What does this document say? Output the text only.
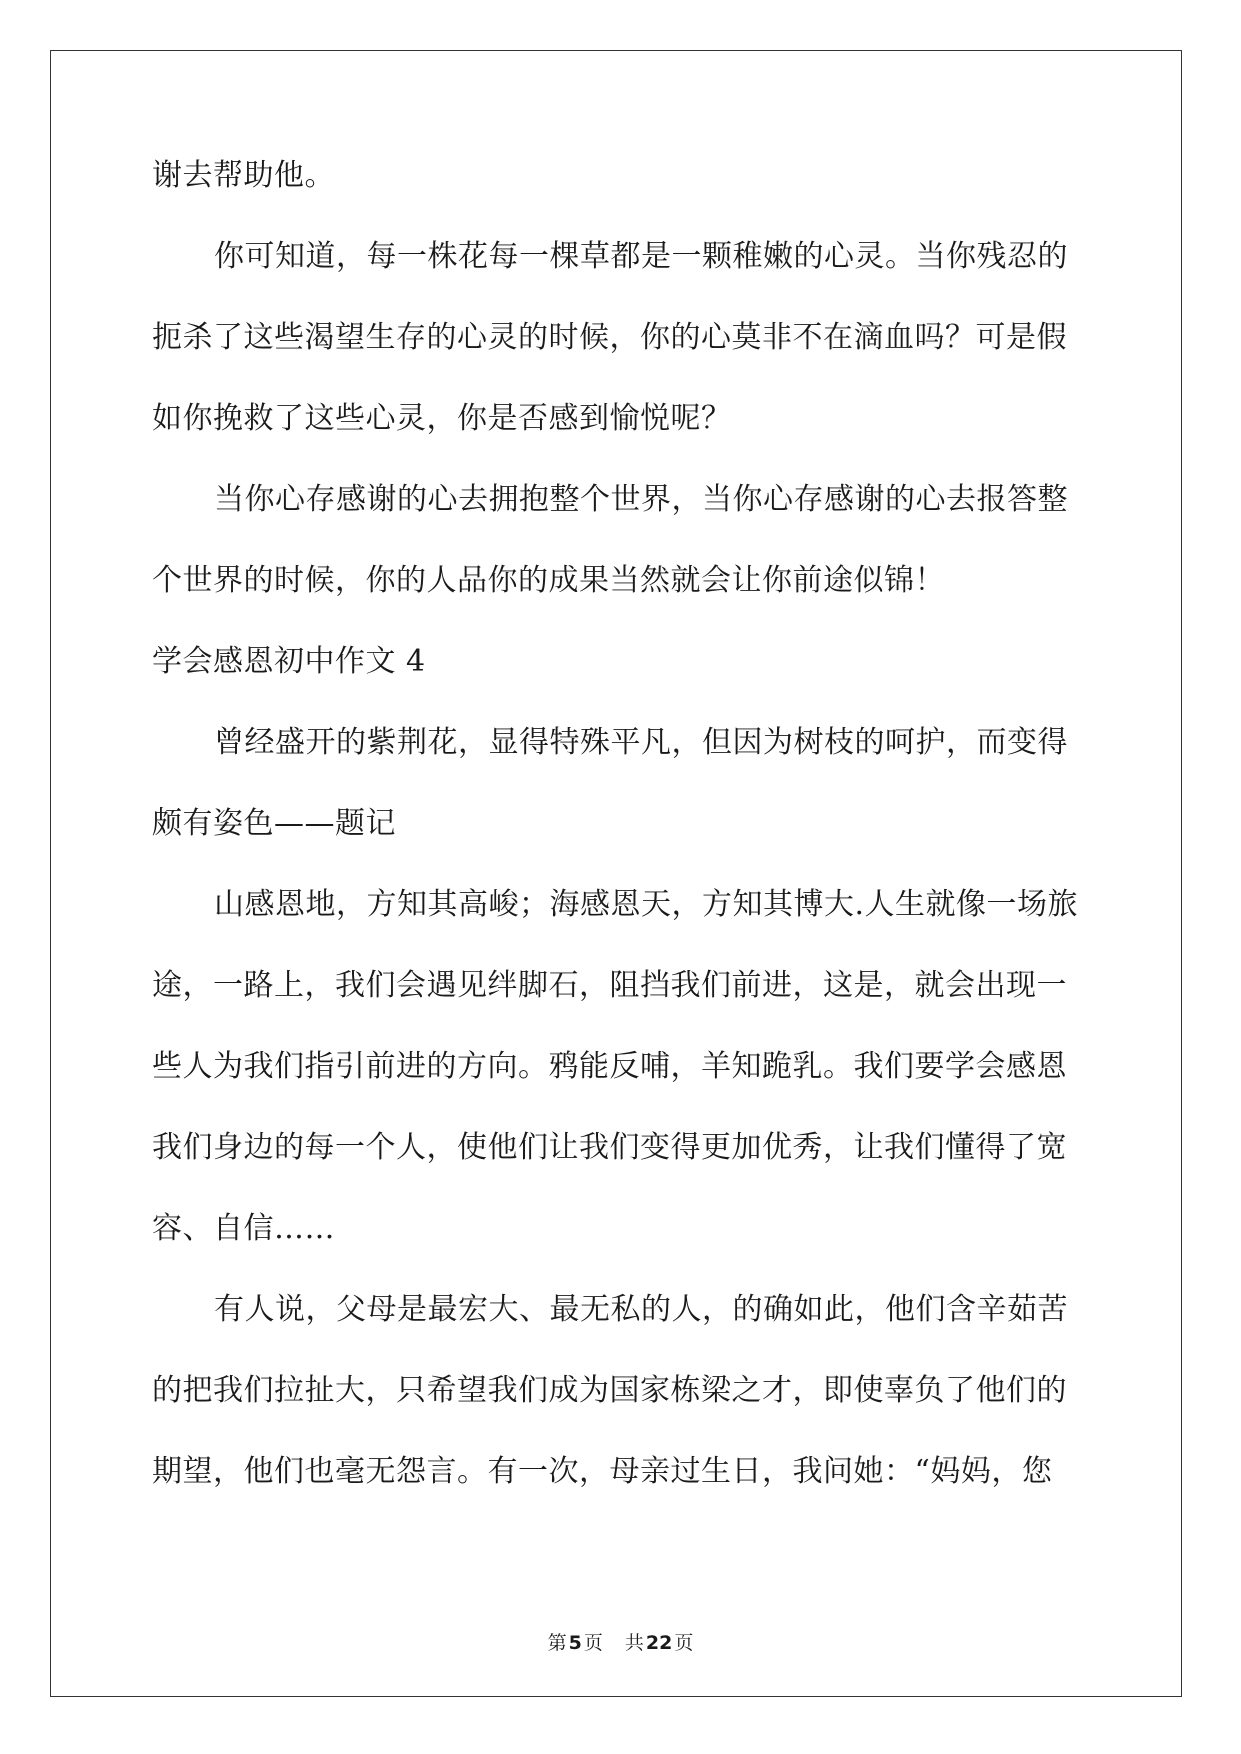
谢去帮助他。
你可知道，每一株花每一棵草都是一颗稚嫩的心灵。当你残忍的
扼杀了这些渴望生存的心灵的时候，你的心莫非不在滴血吗？可是假
如你挽救了这些心灵，你是否感到愉悦呢？
当你心存感谢的心去拥抱整个世界，当你心存感谢的心去报答整
个世界的时候，你的人品你的成果当然就会让你前途似锦！
学会感恩初中作文 4
曾经盛开的紫荆花，显得特殊平凡，但因为树枝的呵护，而变得
颇有姿色——题记
山感恩地，方知其高峻；海感恩天，方知其博大.人生就像一场旅
途，一路上，我们会遇见绊脚石，阻挡我们前进，这是，就会出现一
些人为我们指引前进的方向。鸦能反哺，羊知跪乳。我们要学会感恩
我们身边的每一个人，使他们让我们变得更加优秀，让我们懂得了宽
容、自信……
有人说，父母是最宏大、最无私的人，的确如此，他们含辛茹苦
的把我们拉扯大，只希望我们成为国家栋梁之才，即使辜负了他们的
期望，他们也毫无怨言。有一次，母亲过生日，我问她：“妈妈，您
第 5 页 共 22 页
